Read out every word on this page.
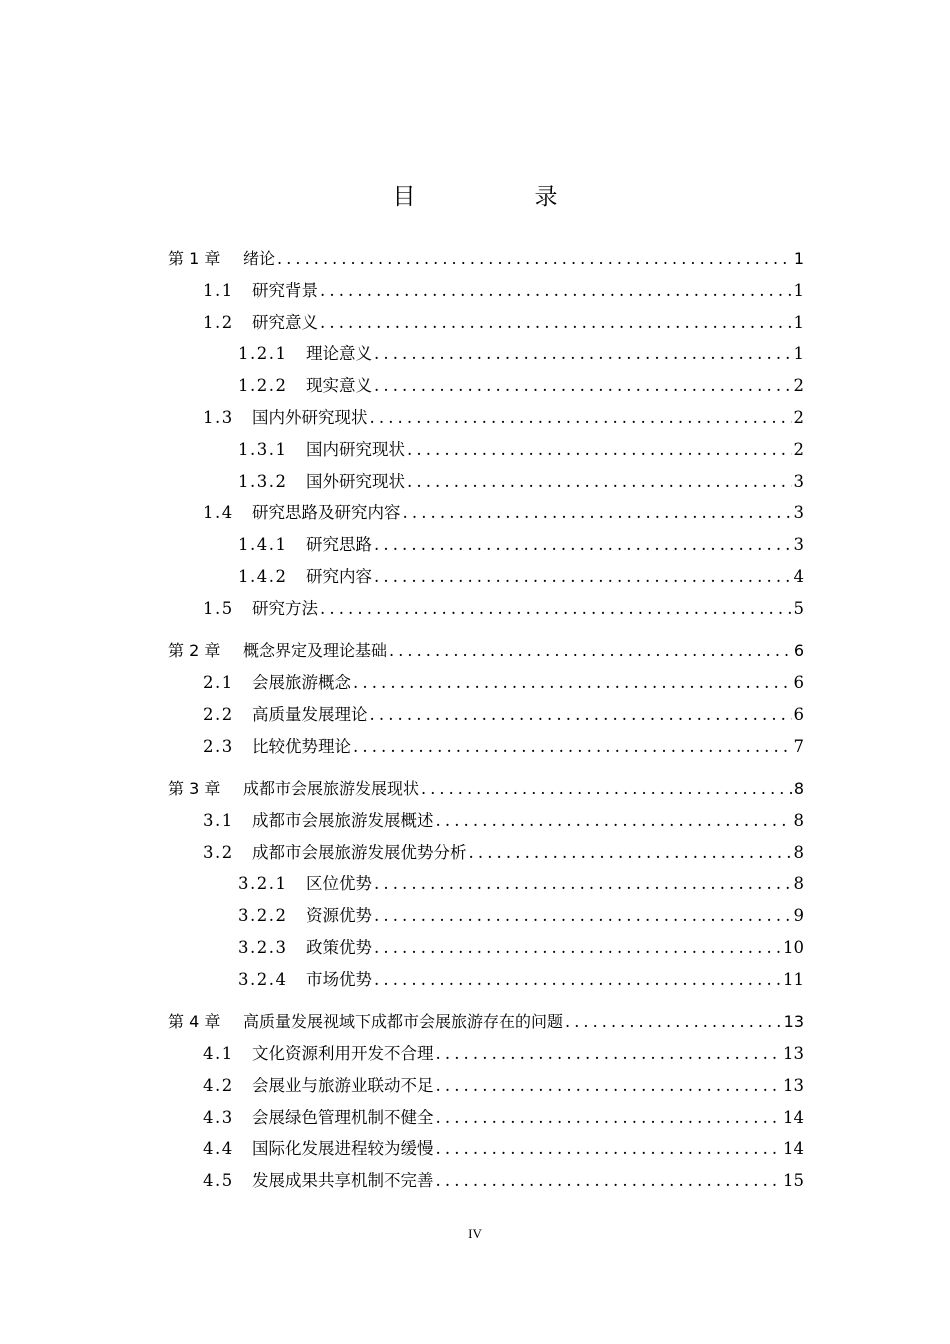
目　录
第 1 章	绪论 .....	1
1.1	研究背景 .....	1
1.2	研究意义 .....	1
1.2.1	理论意义 .....	1
1.2.2	现实意义 .....	2
1.3	国内外研究现状 .....	2
1.3.1	国内研究现状 .....	2
1.3.2	国外研究现状 .....	3
1.4	研究思路及研究内容 .....	3
1.4.1	研究思路 .....	3
1.4.2	研究内容 .....	4
1.5	研究方法 .....	5
第 2 章	概念界定及理论基础 .....	6
2.1	会展旅游概念 .....	6
2.2	高质量发展理论 .....	6
2.3	比较优势理论 .....	7
第 3 章	成都市会展旅游发展现状 .....	8
3.1	成都市会展旅游发展概述 .....	8
3.2	成都市会展旅游发展优势分析 .....	8
3.2.1	区位优势 .....	8
3.2.2	资源优势 .....	9
3.2.3	政策优势 .....	10
3.2.4	市场优势 .....	11
第 4 章	高质量发展视域下成都市会展旅游存在的问题 .....	13
4.1	文化资源利用开发不合理 .....	13
4.2	会展业与旅游业联动不足 .....	13
4.3	会展绿色管理机制不健全 .....	14
4.4	国际化发展进程较为缓慢 .....	14
4.5	发展成果共享机制不完善 .....	15
IV
